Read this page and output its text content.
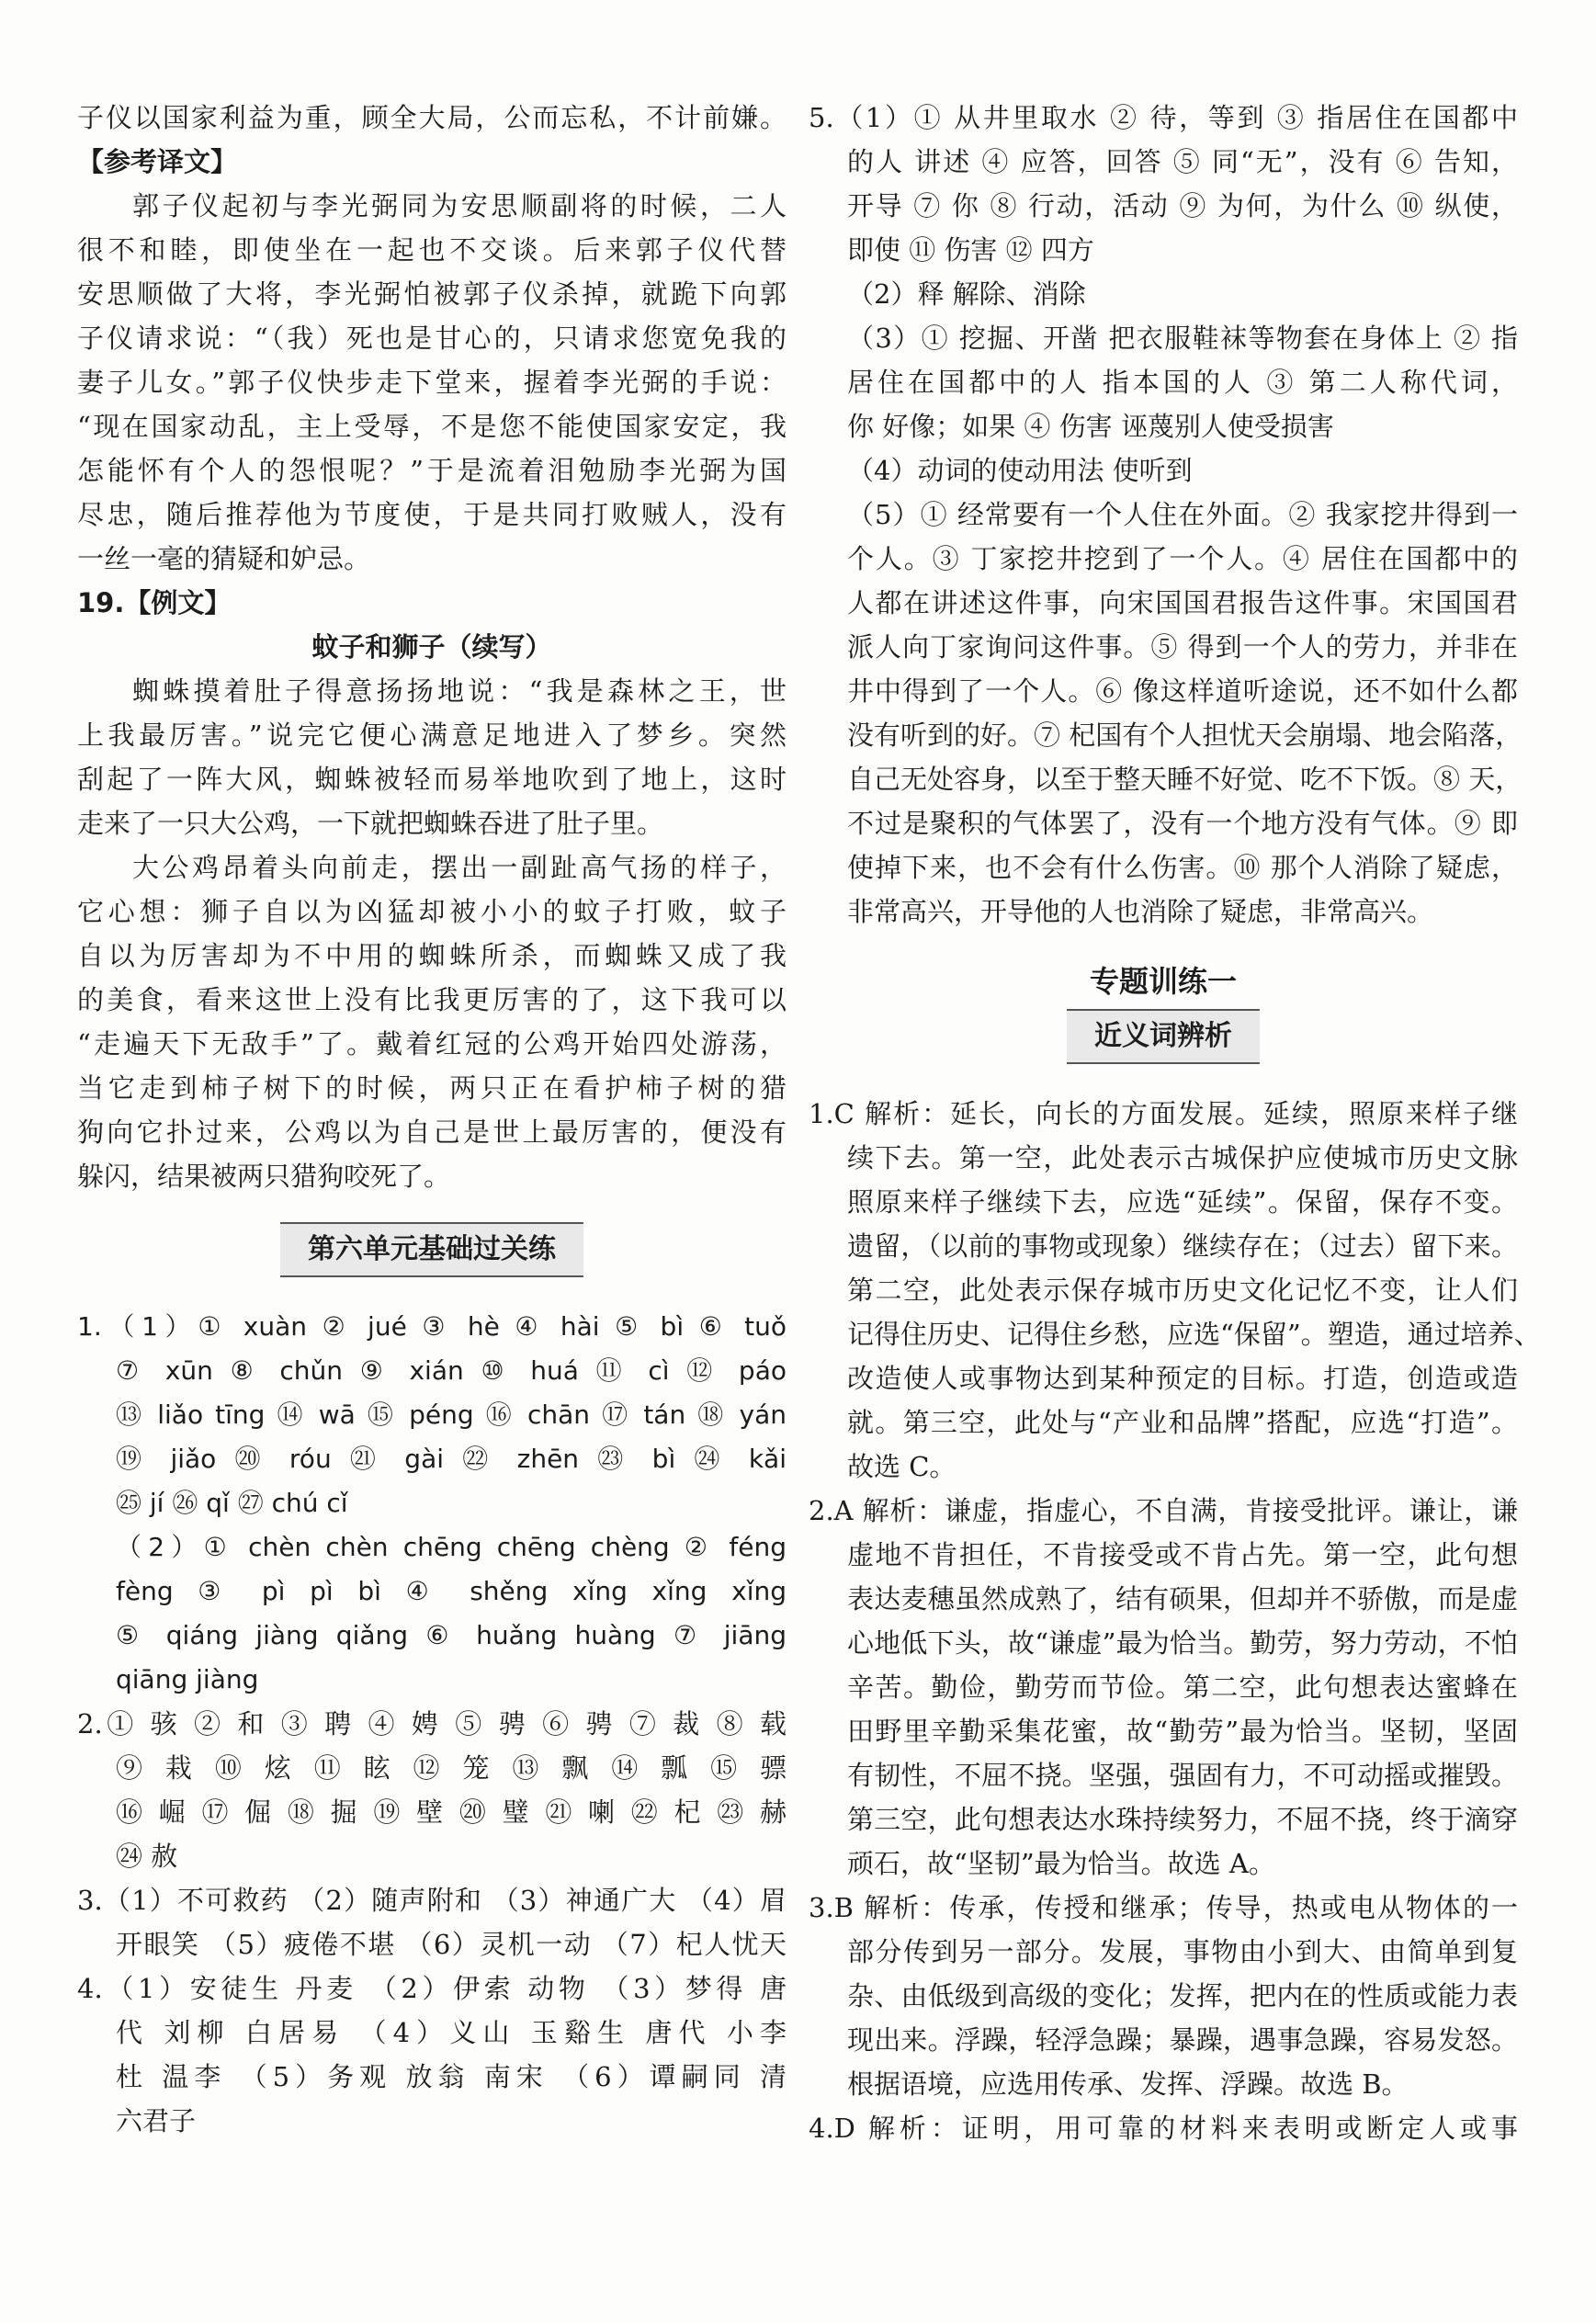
子仪以国家利益为重，顾全大局，公而忘私，不计前嫌。
【参考译文】
郭子仪起初与李光弼同为安思顺副将的时候，二人
很不和睦，即使坐在一起也不交谈。后来郭子仪代替
安思顺做了大将，李光弼怕被郭子仪杀掉，就跪下向郭
子仪请求说：“（我）死也是甘心的，只请求您宽免我的
妻子儿女。”郭子仪快步走下堂来，握着李光弼的手说：
“现在国家动乱，主上受辱，不是您不能使国家安定，我
怎能怀有个人的怨恨呢？”于是流着泪勉励李光弼为国
尽忠，随后推荐他为节度使，于是共同打败贼人，没有
一丝一毫的猜疑和妒忌。
19.【例文】
蚊子和狮子（续写）
蜘蛛摸着肚子得意扬扬地说：“我是森林之王，世
上我最厉害。”说完它便心满意足地进入了梦乡。突然
刮起了一阵大风，蜘蛛被轻而易举地吹到了地上，这时
走来了一只大公鸡，一下就把蜘蛛吞进了肚子里。
大公鸡昂着头向前走，摆出一副趾高气扬的样子，
它心想：狮子自以为凶猛却被小小的蚊子打败，蚊子
自以为厉害却为不中用的蜘蛛所杀，而蜘蛛又成了我
的美食，看来这世上没有比我更厉害的了，这下我可以
“走遍天下无敌手”了。戴着红冠的公鸡开始四处游荡，
当它走到柿子树下的时候，两只正在看护柿子树的猎
狗向它扑过来，公鸡以为自己是世上最厉害的，便没有
躲闪，结果被两只猎狗咬死了。
第六单元基础过关练
1.（1）① xuàn ② jué ③ hè ④ hài ⑤ bì ⑥ tuǒ
⑦ xūn ⑧ chǔn ⑨ xián ⑩ huá ⑪ cì ⑫ páo
⑬ liǎo tīng ⑭ wā ⑮ péng ⑯ chān ⑰ tán ⑱ yán
⑲ jiǎo ⑳ róu ㉑ gài ㉒ zhēn ㉓ bì ㉔ kǎi
㉕ jí ㉖ qǐ ㉗ chú cǐ
（2）① chèn chèn chēng chēng chèng ② féng
fèng ③ pì pì bì ④ shěng xǐng xǐng xǐng
⑤ qiáng jiàng qiǎng ⑥ huǎng huàng ⑦ jiāng
qiāng jiàng
2.① 骇 ② 和 ③ 聘 ④ 娉 ⑤ 骋 ⑥ 骋 ⑦ 裁 ⑧ 载
⑨ 栽 ⑩ 炫 ⑪ 眩 ⑫ 笼 ⑬ 飘 ⑭ 瓢 ⑮ 骠
⑯ 崛 ⑰ 倔 ⑱ 掘 ⑲ 壁 ⑳ 璧 ㉑ 喇 ㉒ 杞 ㉓ 赫
㉔ 赦
3.（1）不可救药 （2）随声附和 （3）神通广大 （4）眉
开眼笑 （5）疲倦不堪 （6）灵机一动 （7）杞人忧天
4.（1）安徒生 丹麦 （2）伊索 动物 （3）梦得 唐
代 刘柳 白居易 （4）义山 玉谿生 唐代 小李
杜 温李 （5）务观 放翁 南宋 （6）谭嗣同 清
六君子
5.（1）① 从井里取水 ② 待，等到 ③ 指居住在国都中
的人 讲述 ④ 应答，回答 ⑤ 同“无”，没有 ⑥ 告知，
开导 ⑦ 你 ⑧ 行动，活动 ⑨ 为何，为什么 ⑩ 纵使，
即使 ⑪ 伤害 ⑫ 四方
（2）释 解除、消除
（3）① 挖掘、开凿 把衣服鞋袜等物套在身体上 ② 指
居住在国都中的人 指本国的人 ③ 第二人称代词，
你 好像；如果 ④ 伤害 诬蔑别人使受损害
（4）动词的使动用法 使听到
（5）① 经常要有一个人住在外面。② 我家挖井得到一
个人。③ 丁家挖井挖到了一个人。④ 居住在国都中的
人都在讲述这件事，向宋国国君报告这件事。宋国国君
派人向丁家询问这件事。⑤ 得到一个人的劳力，并非在
井中得到了一个人。⑥ 像这样道听途说，还不如什么都
没有听到的好。⑦ 杞国有个人担忧天会崩塌、地会陷落，
自己无处容身，以至于整天睡不好觉、吃不下饭。⑧ 天，
不过是聚积的气体罢了，没有一个地方没有气体。⑨ 即
使掉下来，也不会有什么伤害。⑩ 那个人消除了疑虑，
非常高兴，开导他的人也消除了疑虑，非常高兴。
专题训练一
近义词辨析
1.C 解析：延长，向长的方面发展。延续，照原来样子继
续下去。第一空，此处表示古城保护应使城市历史文脉
照原来样子继续下去，应选“延续”。保留，保存不变。
遗留，（以前的事物或现象）继续存在；（过去）留下来。
第二空，此处表示保存城市历史文化记忆不变，让人们
记得住历史、记得住乡愁，应选“保留”。塑造，通过培养、
改造使人或事物达到某种预定的目标。打造，创造或造
就。第三空，此处与“产业和品牌”搭配，应选“打造”。
故选 C。
2.A 解析：谦虚，指虚心，不自满，肯接受批评。谦让，谦
虚地不肯担任，不肯接受或不肯占先。第一空，此句想
表达麦穗虽然成熟了，结有硕果，但却并不骄傲，而是虚
心地低下头，故“谦虚”最为恰当。勤劳，努力劳动，不怕
辛苦。勤俭，勤劳而节俭。第二空，此句想表达蜜蜂在
田野里辛勤采集花蜜，故“勤劳”最为恰当。坚韧，坚固
有韧性，不屈不挠。坚强，强固有力，不可动摇或摧毁。
第三空，此句想表达水珠持续努力，不屈不挠，终于滴穿
顽石，故“坚韧”最为恰当。故选 A。
3.B 解析：传承，传授和继承；传导，热或电从物体的一
部分传到另一部分。发展，事物由小到大、由简单到复
杂、由低级到高级的变化；发挥，把内在的性质或能力表
现出来。浮躁，轻浮急躁；暴躁，遇事急躁，容易发怒。
根据语境，应选用传承、发挥、浮躁。故选 B。
4.D 解析：证明，用可靠的材料来表明或断定人或事
